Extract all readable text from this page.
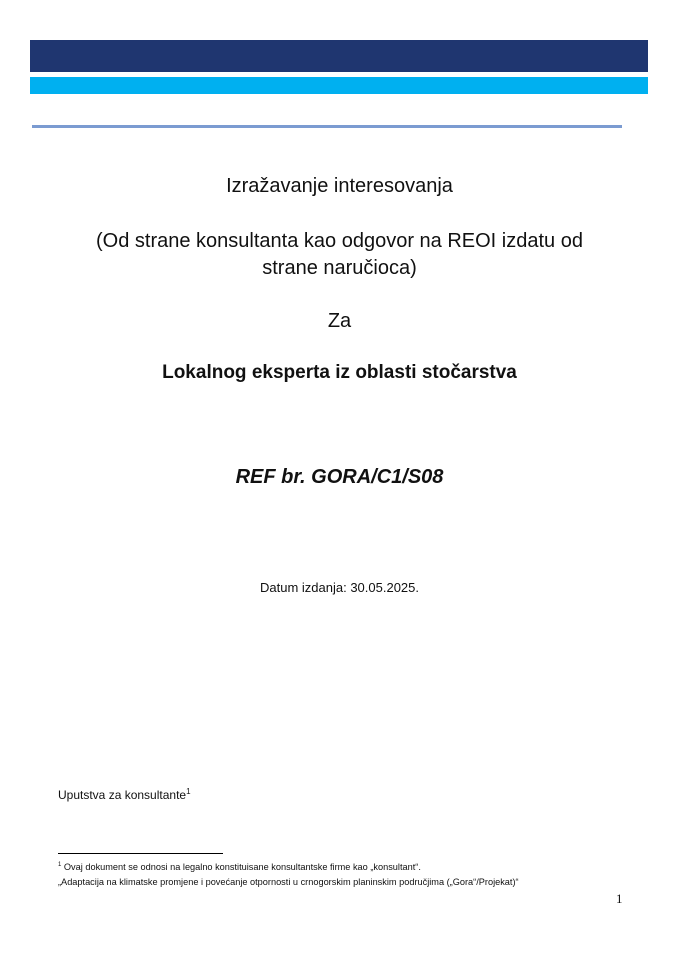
Izražavanje interesovanja
(Od strane konsultanta kao odgovor na REOI izdatu od
strane naručioca)
Za
Lokalnog eksperta iz oblasti stočarstva
REF br. GORA/C1/S08
Datum izdanja: 30.05.2025.
Uputstva za konsultante$^1$
$^1$ Ovaj dokument se odnosi na legalno konstituisane konsultantske firme kao „konsultant“.
„Adaptacija na klimatske promjene i povećanje otpornosti u crnogorskim planinskim područjima („Gora“/Projekat)“
1
